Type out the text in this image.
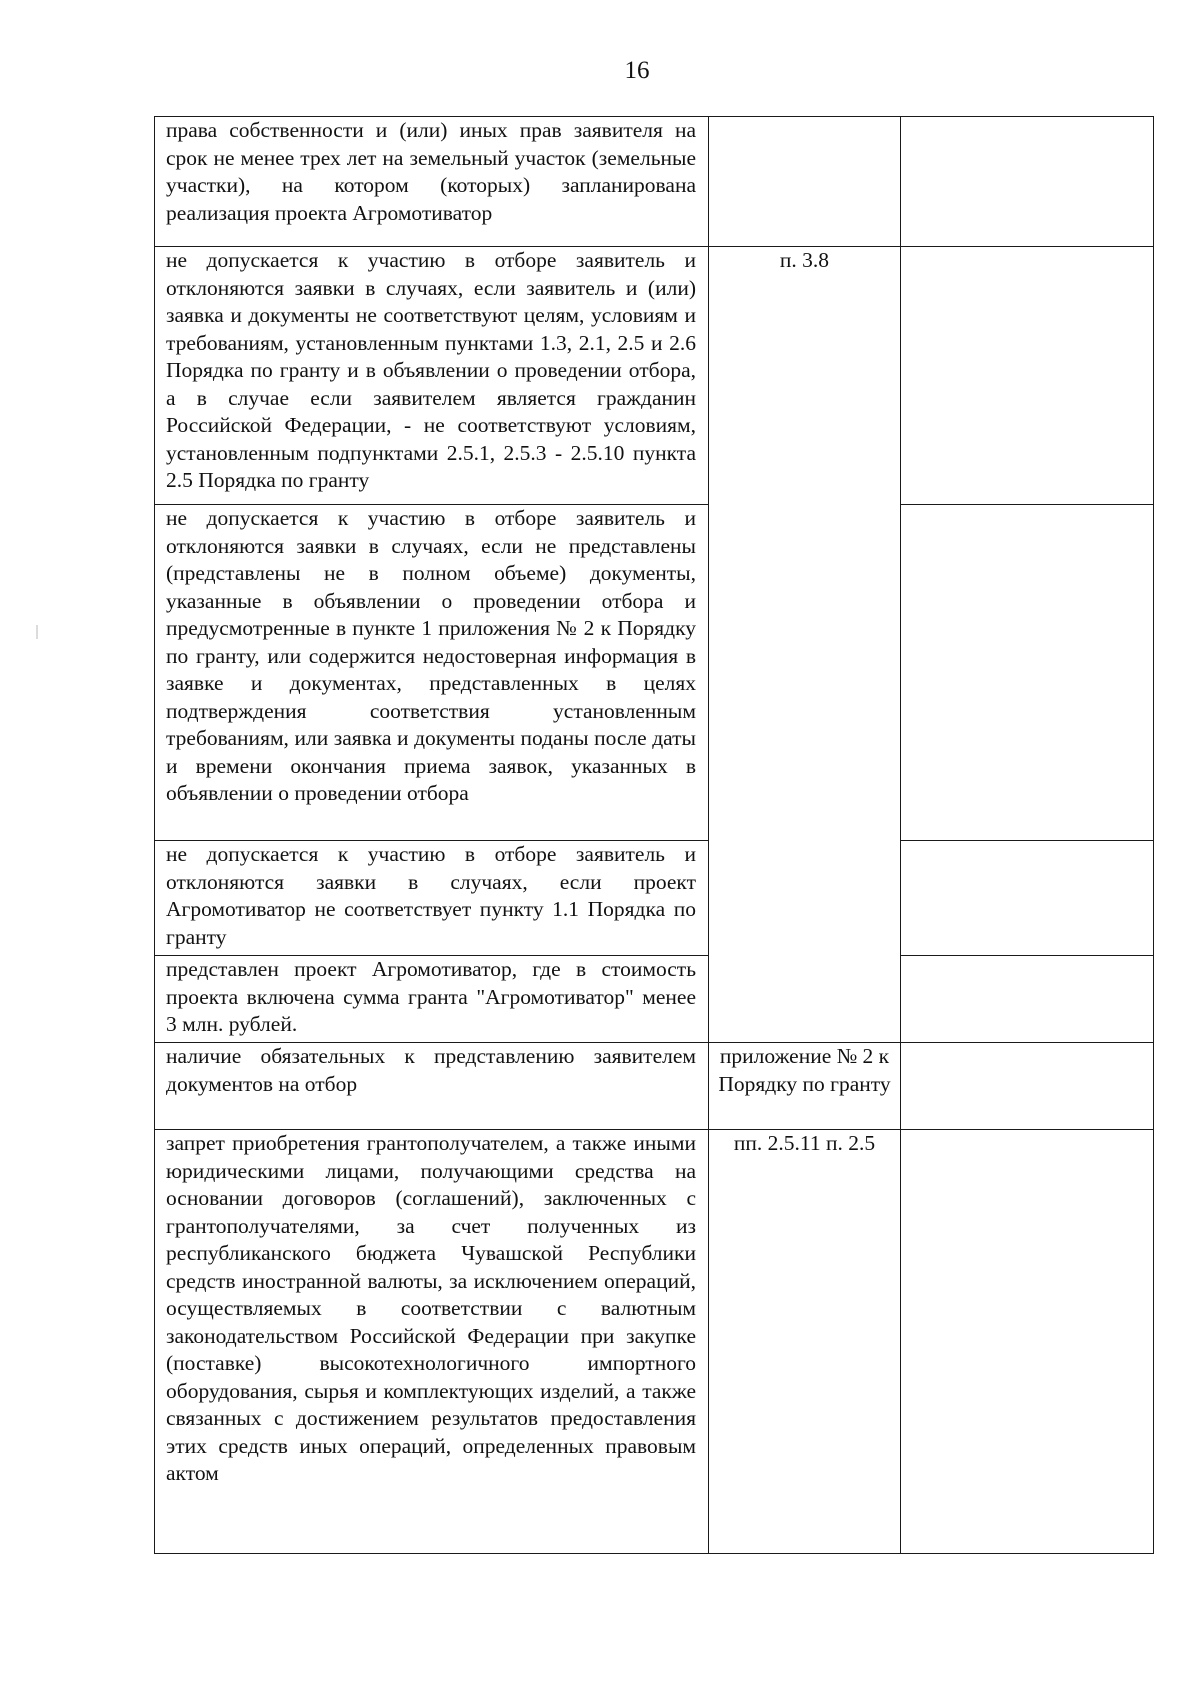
16
права собственности и (или) иных прав заявителя на срок не менее трех лет на земельный участок (земельные участки), на котором (которых) запланирована реализация проекта Агромотиватор	

не допускается к участию в отборе заявитель и отклоняются заявки в случаях, если заявитель и (или) заявка и документы не соответствуют целям, условиям и требованиям, установленным пунктами 1.3, 2.1, 2.5 и 2.6 Порядка по гранту и в объявлении о проведении отбора, а в случае если заявителем является гражданин Российской Федерации, - не соответствуют условиям, установленным подпунктами 2.5.1, 2.5.3 - 2.5.10 пункта 2.5 Порядка по гранту	п. 3.8	

не допускается к участию в отборе заявитель и отклоняются заявки в случаях, если не представлены (представлены не в полном объеме) документы, указанные в объявлении о проведении отбора и предусмотренные в пункте 1 приложения № 2 к Порядку по гранту, или содержится недостоверная информация в заявке и документах, представленных в целях подтверждения соответствия установленным требованиям, или заявка и документы поданы после даты и времени окончания приема заявок, указанных в объявлении о проведении отбора		
не допускается к участию в отборе заявитель и отклоняются заявки в случаях, если проект Агромотиватор не соответствует пункту 1.1 Порядка по гранту		
представлен проект Агромотиватор, где в стоимость проекта включена сумма гранта "Агромотиватор" менее 3 млн. рублей.		
наличие обязательных к представлению заявителем документов на отбор	приложение № 2 к Порядку по гранту	

запрет приобретения грантополучателем, а также иными юридическими лицами, получающими средства на основании договоров (соглашений), заключенных с грантополучателями, за счет полученных из республиканского бюджета Чувашской Республики средств иностранной валюты, за исключением операций, осуществляемых в соответствии с валютным законодательством Российской Федерации при закупке (поставке) высокотехнологичного импортного оборудования, сырья и комплектующих изделий, а также связанных с достижением результатов предоставления этих средств иных операций, определенных правовым актом	пп. 2.5.11 п. 2.5	
